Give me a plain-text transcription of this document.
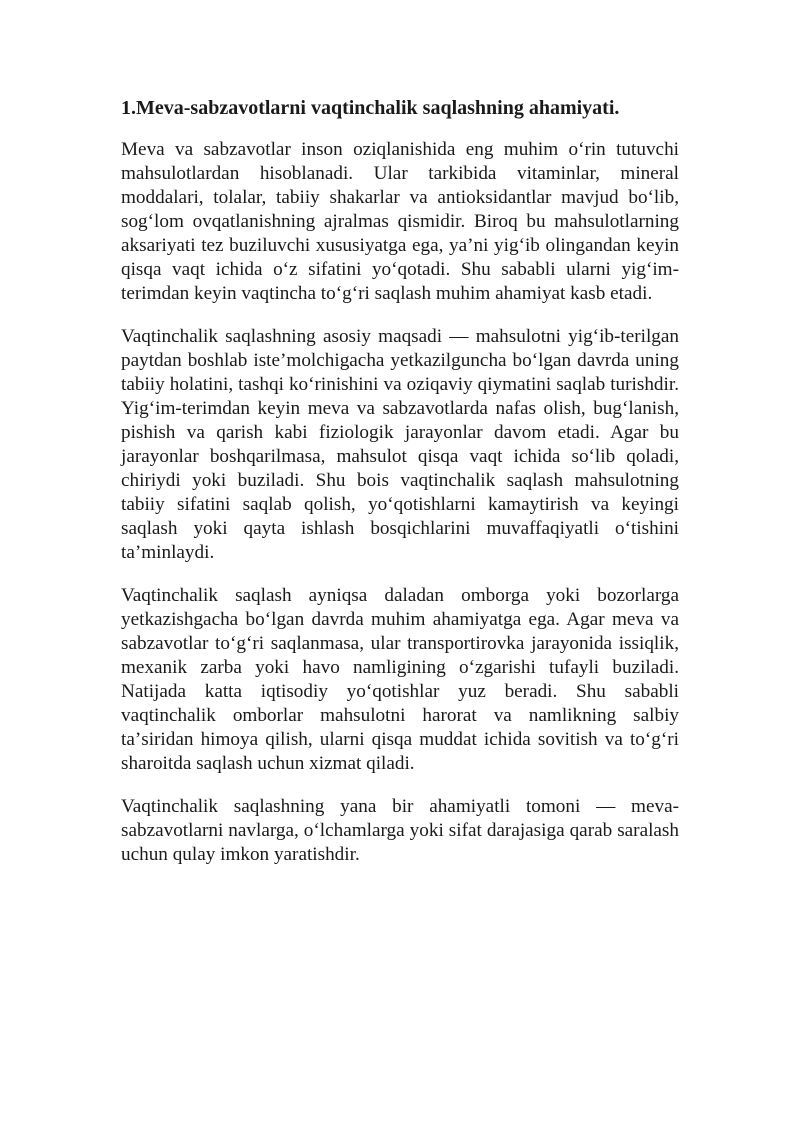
1.Meva-sabzavotlarni vaqtinchalik saqlashning ahamiyati.

Meva va sabzavotlar inson oziqlanishida eng muhim oʻrin tutuvchi mahsulotlardan hisoblanadi. Ular tarkibida vitaminlar, mineral moddalari, tolalar, tabiiy shakarlar va antioksidantlar mavjud boʻlib, sogʻlom ovqatlanishning ajralmas qismidir. Biroq bu mahsulotlarning aksariyati tez buziluvchi xususiyatga ega, yaʼni yigʻib olingandan keyin qisqa vaqt ichida oʻz sifatini yoʻqotadi. Shu sababli ularni yigʻim-terimdan keyin vaqtincha toʻgʻri saqlash muhim ahamiyat kasb etadi.

Vaqtinchalik saqlashning asosiy maqsadi — mahsulotni yigʻib-terilgan paytdan boshlab isteʼmolchigacha yetkazilguncha boʻlgan davrda uning tabiiy holatini, tashqi koʻrinishini va oziqaviy qiymatini saqlab turishdir. Yigʻim-terimdan keyin meva va sabzavotlarda nafas olish, bugʻlanish, pishish va qarish kabi fiziologik jarayonlar davom etadi. Agar bu jarayonlar boshqarilmasa, mahsulot qisqa vaqt ichida soʻlib qoladi, chiriydi yoki buziladi. Shu bois vaqtinchalik saqlash mahsulotning tabiiy sifatini saqlab qolish, yoʻqotishlarni kamaytirish va keyingi saqlash yoki qayta ishlash bosqichlarini muvaffaqiyatli oʻtishini taʼminlaydi.

Vaqtinchalik saqlash ayniqsa daladan omborga yoki bozorlarga yetkazishgacha boʻlgan davrda muhim ahamiyatga ega. Agar meva va sabzavotlar toʻgʻri saqlanmasa, ular transportirovka jarayonida issiqlik, mexanik zarba yoki havo namligining oʻzgarishi tufayli buziladi. Natijada katta iqtisodiy yoʻqotishlar yuz beradi. Shu sababli vaqtinchalik omborlar mahsulotni harorat va namlikning salbiy taʼsiridan himoya qilish, ularni qisqa muddat ichida sovitish va toʻgʻri sharoitda saqlash uchun xizmat qiladi.

Vaqtinchalik saqlashning yana bir ahamiyatli tomoni — meva-sabzavotlarni navlarga, oʻlchamlarga yoki sifat darajasiga qarab saralash uchun qulay imkon yaratishdir.
